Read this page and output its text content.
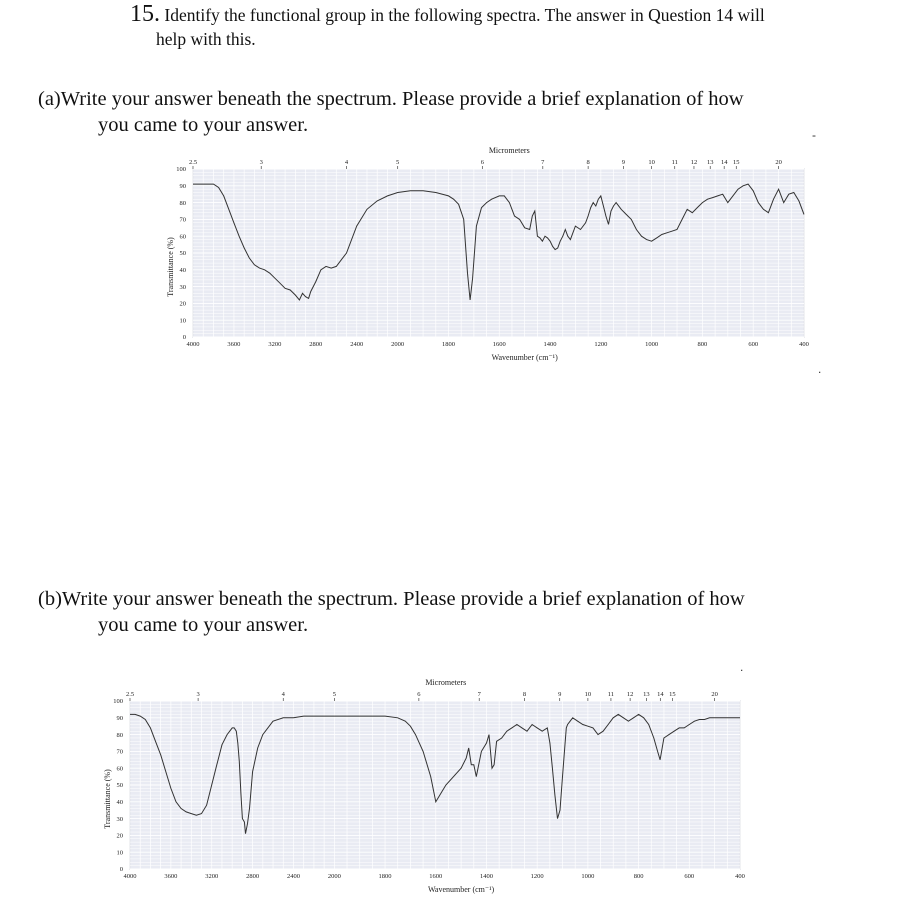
15. Identify the functional group in the following spectra. The answer in Question 14 will
help with this.
(a)Write your answer beneath the spectrum. Please provide a brief explanation of how
you came to your answer.
(b)Write your answer beneath the spectrum. Please provide a brief explanation of how
you came to your answer.
4000	3600	3200	2800	2400	2000	1800	1600	1400	1200	1000	800	600	400
0
10
20
30
40
50
60
70
80
90
100
2.5	3	4	5	6	7	8	9	10	11 12 13 14 15	20
Micrometers
Wavenumber (cm⁻¹)
Transmittance (%)
4000	3600	3200	2800	2400	2000	1800	1600	1400	1200	1000	800	600	400
0
10
20
30
40
50
60
70
80
90
100
2.5	3	4	5	6	7	8	9	10	11 12 13 14 15	20
Micrometers
Wavenumber (cm⁻¹)
Transmittance (%)
-
.
.
